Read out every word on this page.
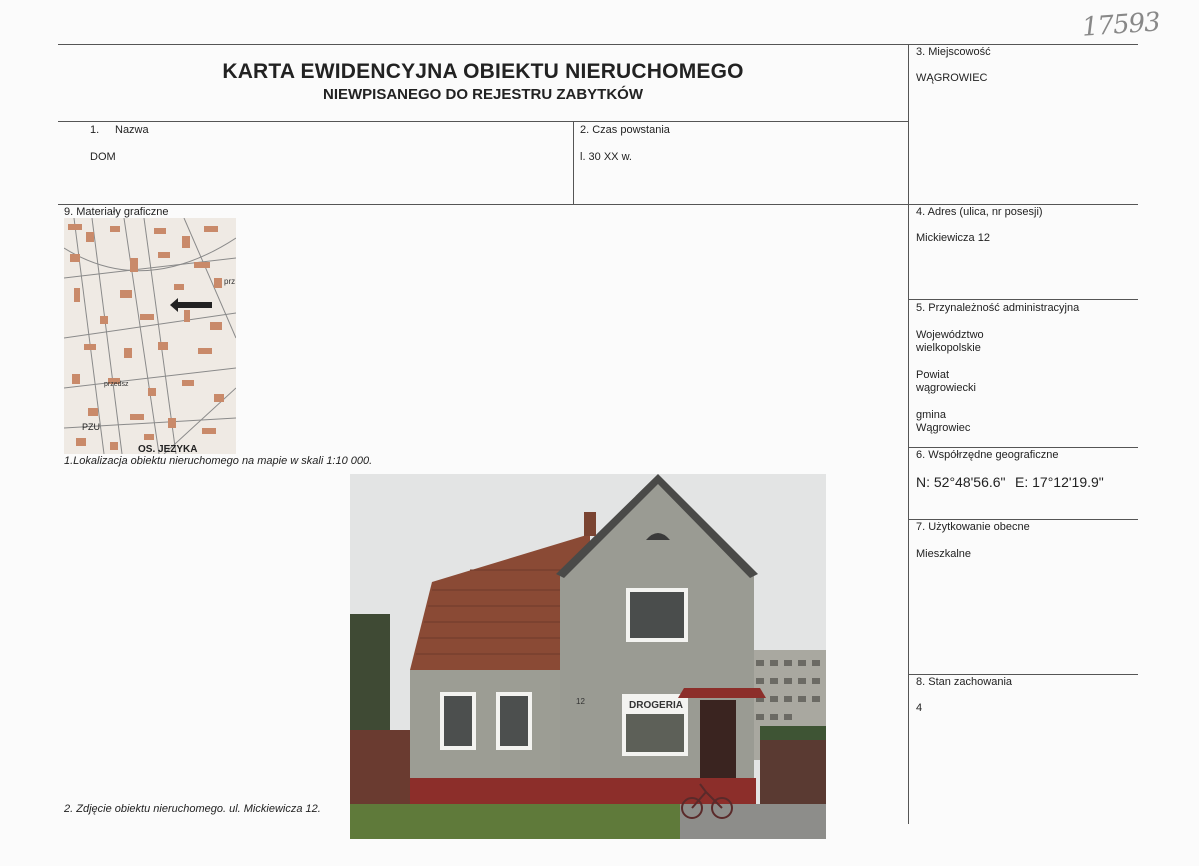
17593
KARTA EWIDENCYJNA OBIEKTU NIERUCHOMEGO
NIEWPISANEGO DO REJESTRU ZABYTKÓW
1. Nazwa
DOM
2. Czas powstania
l. 30 XX w.
3. Miejscowość
WĄGROWIEC
4. Adres (ulica, nr posesji)
Mickiewicza 12
5. Przynależność administracyjna
Województwo
wielkopolskie
Powiat
wągrowiecki
gmina
Wągrowiec
6. Współrzędne geograficzne
N: 52°48'56.6" E: 17°12'19.9"
7. Użytkowanie obecne
Mieszkalne
8. Stan zachowania
4
9. Materiały graficzne
przedsz
prz
PZU
OS. JEZYKA
1.Lokalizacja obiektu nieruchomego na mapie w skali 1:10 000.
DROGERIA
12
2. Zdjęcie obiektu nieruchomego. ul. Mickiewicza 12.
